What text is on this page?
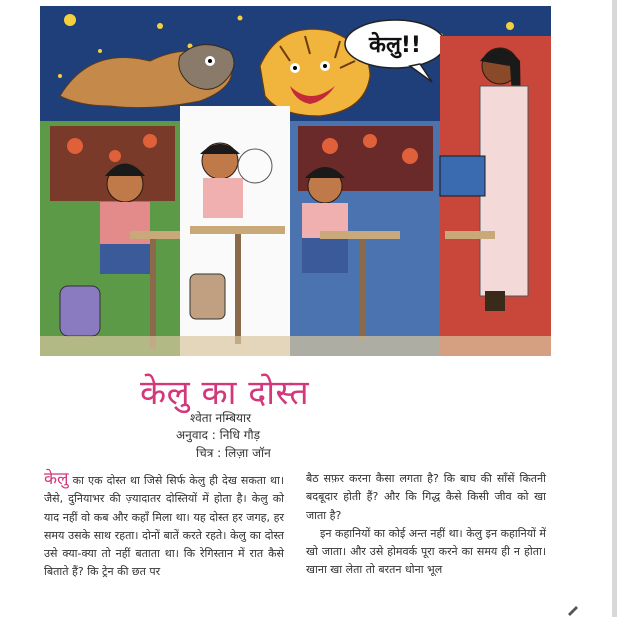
केलु!!
केलु का दोस्त

श्वेता नम्बियार

अनुवाद : निधि गौड़

चित्र : लिज़ा जॉन

केलु का एक दोस्त था जिसे सिर्फ केलु ही देख सकता था। जैसे, दुनियाभर की ज़्यादातर दोस्तियों में होता है। केलु को याद नहीं वो कब और कहाँ मिला था। यह दोस्त हर जगह, हर समय उसके साथ रहता। दोनों बातें करते रहते। केलु का दोस्त उसे क्या-क्या तो नहीं बताता था। कि रेगिस्तान में रात कैसे बिताते हैं? कि ट्रेन की छत पर

बैठ सफ़र करना कैसा लगता है? कि बाघ की साँसें कितनी बदबूदार होती हैं? और कि गिद्ध कैसे किसी जीव को खा जाता है?
इन कहानियों का कोई अन्त नहीं था। केलु इन कहानियों में खो जाता। और उसे होमवर्क पूरा करने का समय ही न होता। खाना खा लेता तो बरतन धोना भूल
